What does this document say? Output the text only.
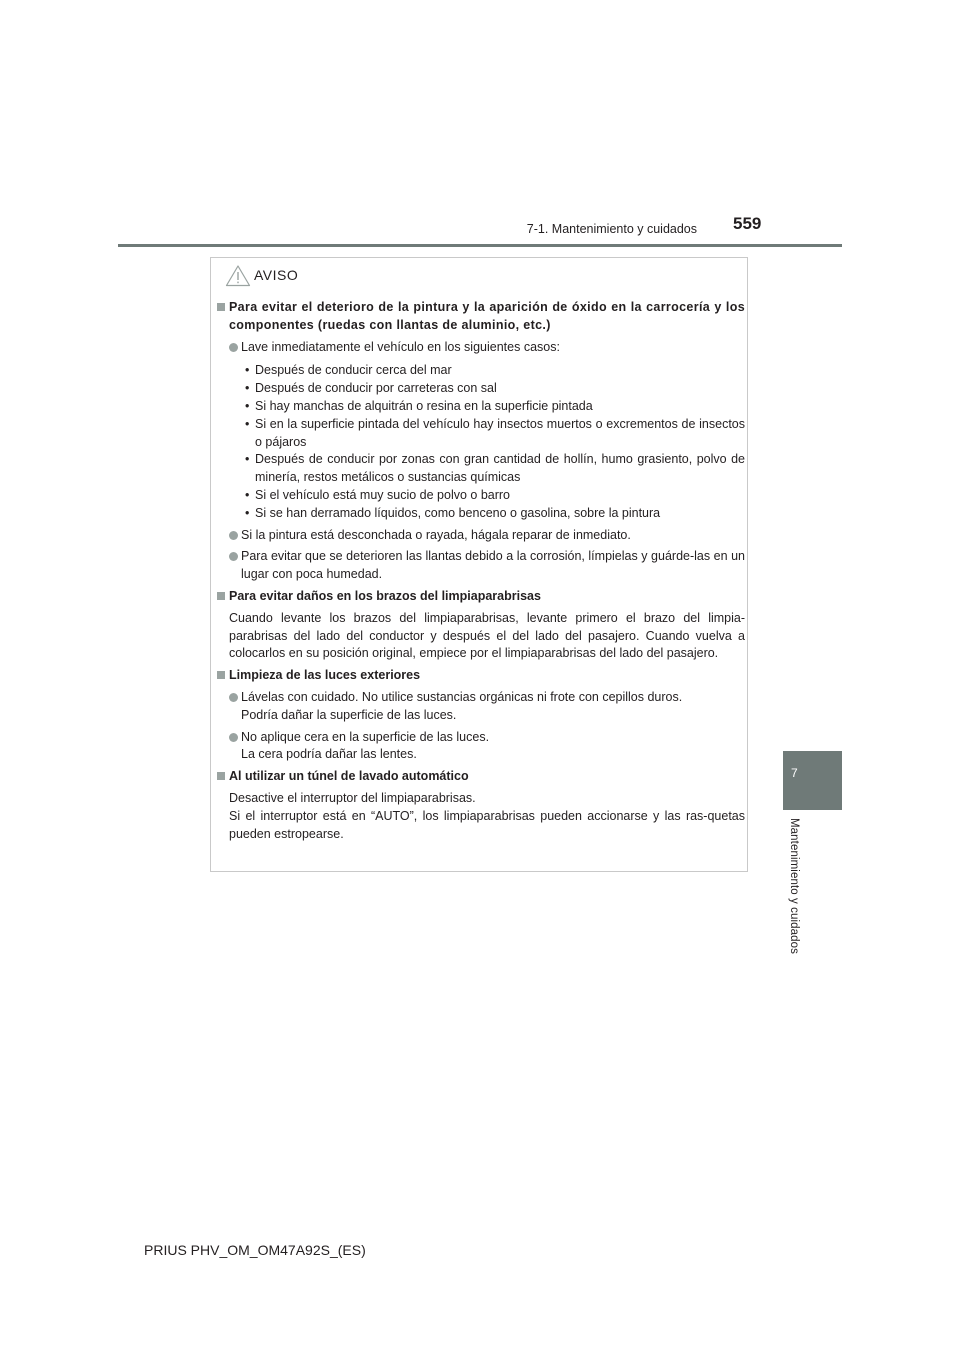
7-1. Mantenimiento y cuidados 559
7
Mantenimiento y cuidados
AVISO
Para evitar el deterioro de la pintura y la aparición de óxido en la carrocería y los componentes (ruedas con llantas de aluminio, etc.)
Lave inmediatamente el vehículo en los siguientes casos:
• Después de conducir cerca del mar
• Después de conducir por carreteras con sal
• Si hay manchas de alquitrán o resina en la superficie pintada
• Si en la superficie pintada del vehículo hay insectos muertos o excrementos de insectos o pájaros
• Después de conducir por zonas con gran cantidad de hollín, humo grasiento, polvo de minería, restos metálicos o sustancias químicas
• Si el vehículo está muy sucio de polvo o barro
• Si se han derramado líquidos, como benceno o gasolina, sobre la pintura
Si la pintura está desconchada o rayada, hágala reparar de inmediato.
Para evitar que se deterioren las llantas debido a la corrosión, límpielas y guárde-las en un lugar con poca humedad.
Para evitar daños en los brazos del limpiaparabrisas
Cuando levante los brazos del limpiaparabrisas, levante primero el brazo del limpia-parabrisas del lado del conductor y después el del lado del pasajero. Cuando vuelva a colocarlos en su posición original, empiece por el limpiaparabrisas del lado del pasajero.
Limpieza de las luces exteriores
Lávelas con cuidado. No utilice sustancias orgánicas ni frote con cepillos duros.
Podría dañar la superficie de las luces.
No aplique cera en la superficie de las luces.
La cera podría dañar las lentes.
Al utilizar un túnel de lavado automático
Desactive el interruptor del limpiaparabrisas.
Si el interruptor está en “AUTO”, los limpiaparabrisas pueden accionarse y las ras-quetas pueden estropearse.
PRIUS PHV_OM_OM47A92S_(ES)
